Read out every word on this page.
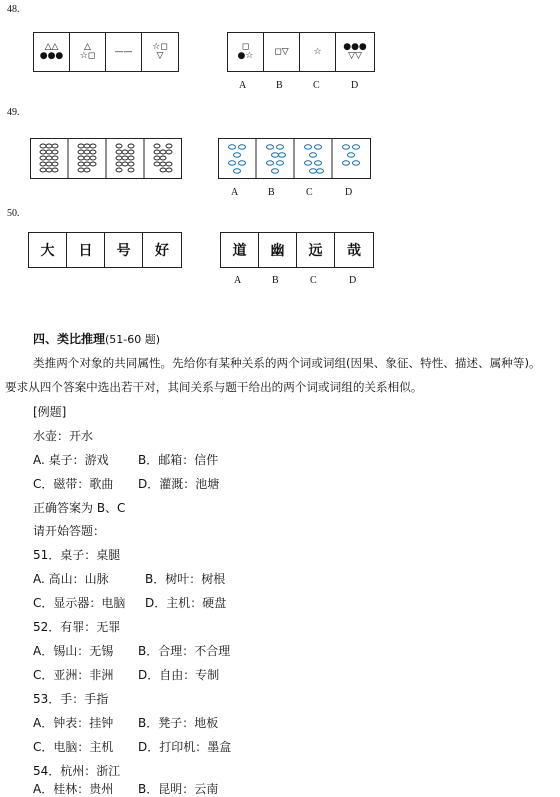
48.
△△
●●●
△
☆◻ —— ☆◻
▽
◻
●☆ ◻▽	☆ ●●●
▽▽
A	B	C	D
49.
A	B	C	D
50.
大 日 号 好	道 幽 远 哉
A	B	C	D
四、类比推理(51-60 题)
类推两个对象的共同属性。先给你有某种关系的两个词或词组(因果、象征、特性、描述、属种等)。
要求从四个答案中选出若干对，其间关系与题干给出的两个词或词组的关系相似。
[例题]
水壶：开水
A. 桌子：游戏 B．邮箱：信件
C．磁带：歌曲 D．灌溉：池塘
正确答案为 B、C
请开始答题：
51．桌子：桌腿
A. 高山：山脉	B．树叶：树根
C．显示器：电脑 D．主机：硬盘
52．有罪：无罪
A．锡山：无锡 B．合理：不合理
C．亚洲：非洲 D．自由：专制
53．手：手指
A．钟表：挂钟 B．凳子：地板
C．电脑：主机 D．打印机：墨盒
54．杭州：浙江
A．桂林：贵州 B．昆明：云南
